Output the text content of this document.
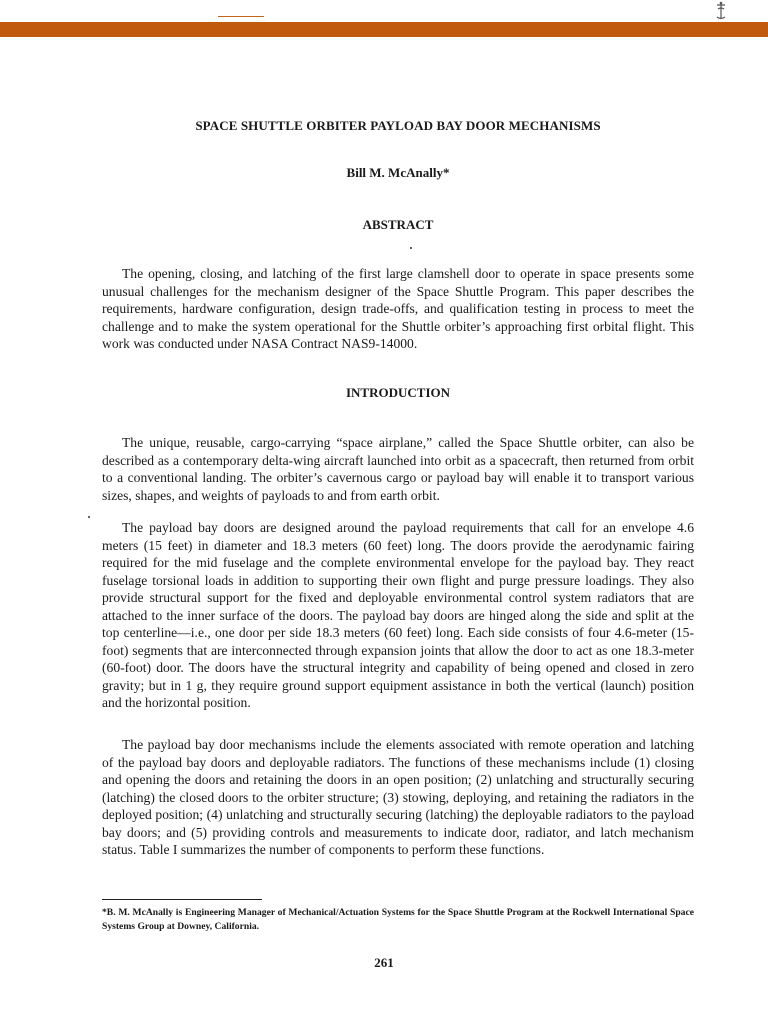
SPACE SHUTTLE ORBITER PAYLOAD BAY DOOR MECHANISMS
Bill M. McAnally*
ABSTRACT

The opening, closing, and latching of the first large clamshell door to operate in space presents some unusual challenges for the mechanism designer of the Space Shuttle Program. This paper describes the requirements, hardware configuration, design trade-offs, and qualification testing in process to meet the challenge and to make the system operational for the Shuttle orbiter’s approaching first orbital flight. This work was conducted under NASA Contract NAS9-14000.

INTRODUCTION

The unique, reusable, cargo-carrying “space airplane,” called the Space Shuttle orbiter, can also be described as a contemporary delta-wing aircraft launched into orbit as a spacecraft, then returned from orbit to a conventional landing. The orbiter’s cavernous cargo or payload bay will enable it to transport various sizes, shapes, and weights of payloads to and from earth orbit.

The payload bay doors are designed around the payload requirements that call for an envelope 4.6 meters (15 feet) in diameter and 18.3 meters (60 feet) long. The doors provide the aerodynamic fairing required for the mid fuselage and the complete environmental envelope for the payload bay. They react fuselage torsional loads in addition to supporting their own flight and purge pressure loadings. They also provide structural support for the fixed and deployable environmental control system radiators that are attached to the inner surface of the doors. The payload bay doors are hinged along the side and split at the top centerline—i.e., one door per side 18.3 meters (60 feet) long. Each side consists of four 4.6-meter (15-foot) segments that are interconnected through expansion joints that allow the door to act as one 18.3-meter (60-foot) door. The doors have the structural integrity and capability of being opened and closed in zero gravity; but in 1 g, they require ground support equipment assistance in both the vertical (launch) position and the horizontal position.

The payload bay door mechanisms include the elements associated with remote operation and latching of the payload bay doors and deployable radiators. The functions of these mechanisms include (1) closing and opening the doors and retaining the doors in an open position; (2) unlatching and structurally securing (latching) the closed doors to the orbiter structure; (3) stowing, deploying, and retaining the radiators in the deployed position; (4) unlatching and structurally securing (latching) the deployable radiators to the payload bay doors; and (5) providing controls and measurements to indicate door, radiator, and latch mechanism status. Table I summarizes the number of components to perform these functions.

*B. M. McAnally is Engineering Manager of Mechanical/Actuation Systems for the Space Shuttle Program at the Rockwell International Space Systems Group at Downey, California.

261
